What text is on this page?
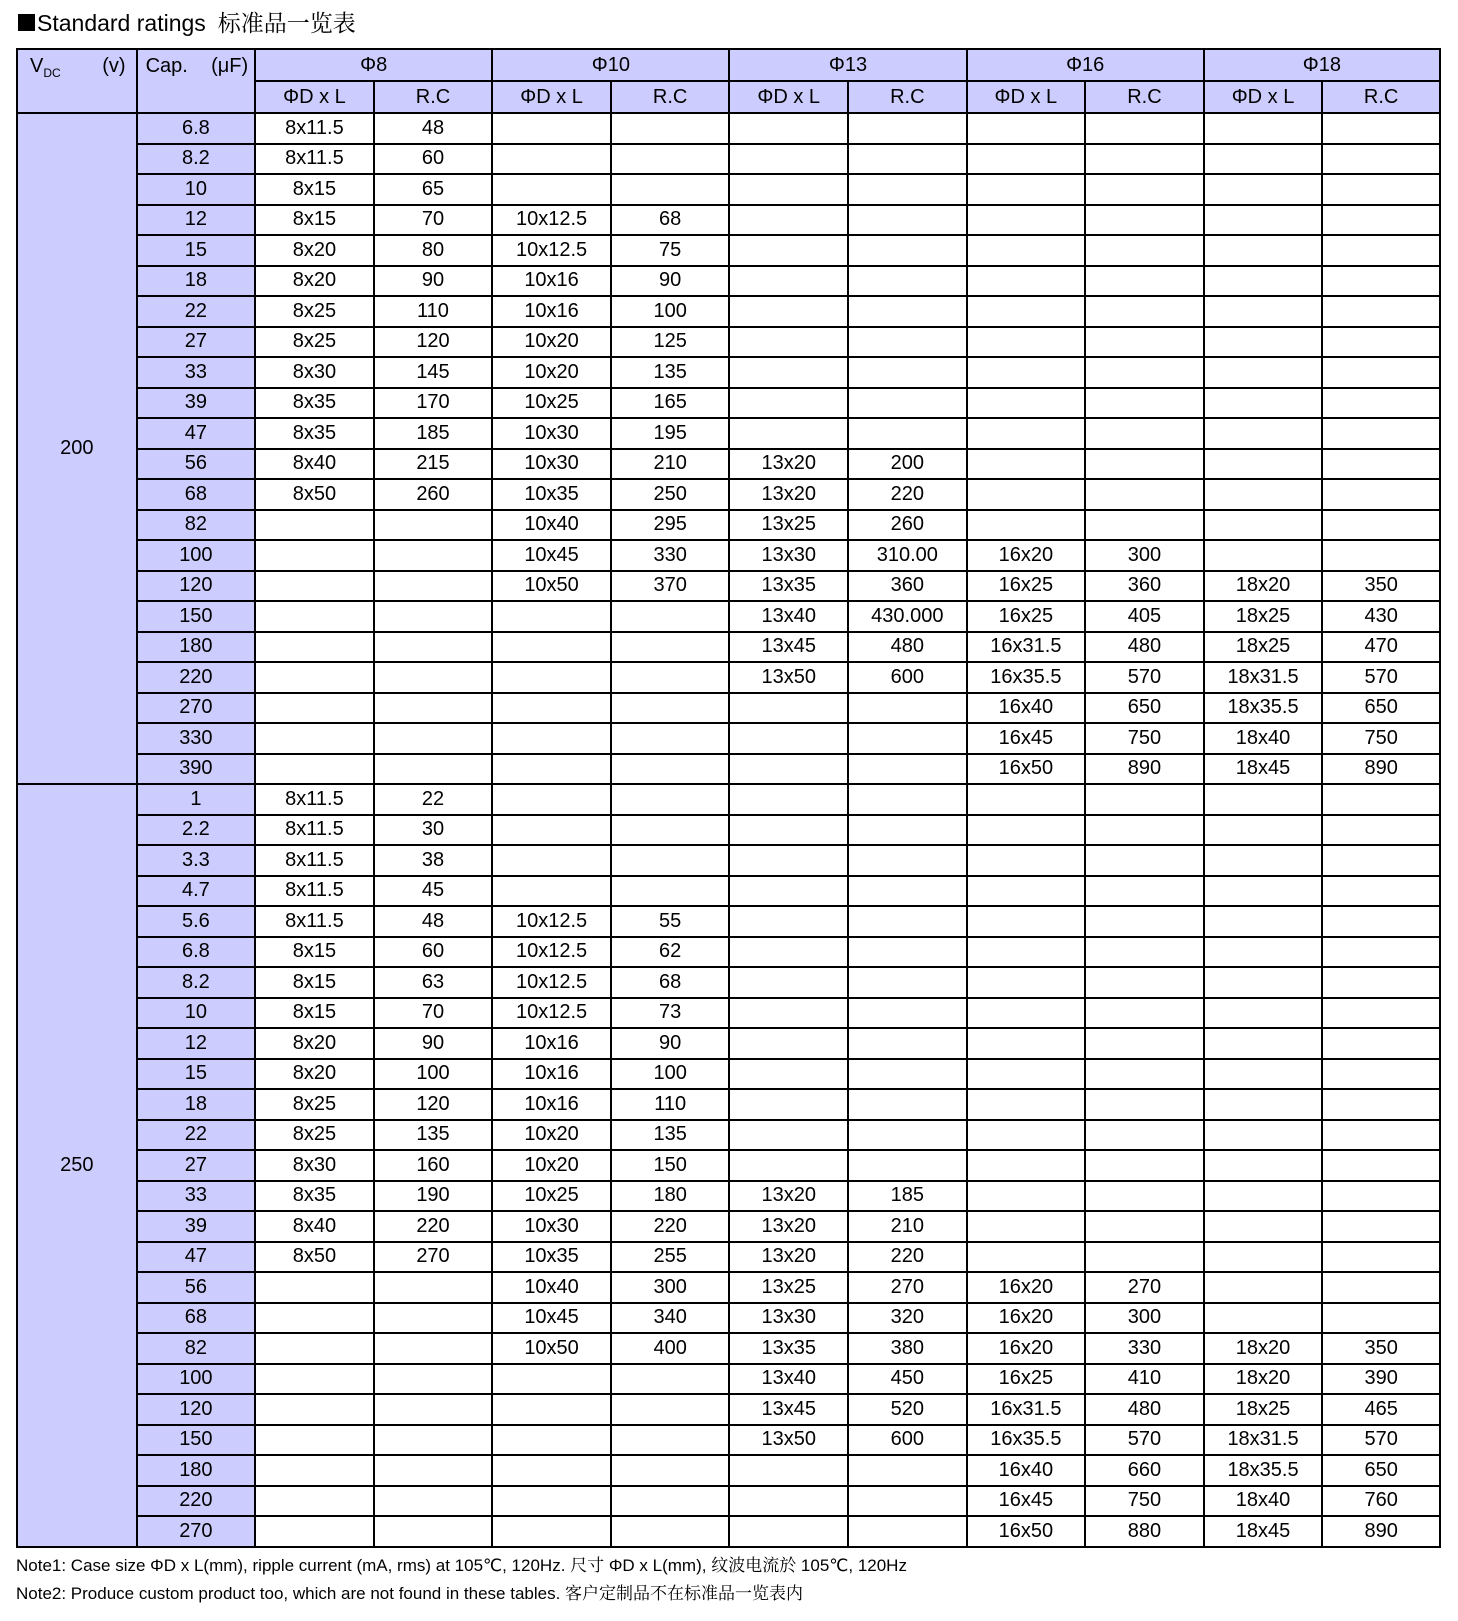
Standard ratings 标准品一览表
$V_{DC}$ (v)	Cap. (μF)	Φ8		Φ10		Φ13		Φ16		Φ18	
		ΦD x L	R.C	ΦD x L	R.C	ΦD x L	R.C	ΦD x L	R.C	ΦD x L	R.C
200	6.8	8x11.5	48								
	8.2	8x11.5	60								
	10	8x15	65								
	12	8x15	70	10x12.5	68						
	15	8x20	80	10x12.5	75						
	18	8x20	90	10x16	90						
	22	8x25	110	10x16	100						
	27	8x25	120	10x20	125						
	33	8x30	145	10x20	135						
	39	8x35	170	10x25	165						
	47	8x35	185	10x30	195						
	56	8x40	215	10x30	210	13x20	200				
	68	8x50	260	10x35	250	13x20	220				
	82			10x40	295	13x25	260				
	100			10x45	330	13x30	310.00	16x20	300		
	120			10x50	370	13x35	360	16x25	360	18x20	350
	150					13x40	430.000	16x25	405	18x25	430
	180					13x45	480	16x31.5	480	18x25	470
	220					13x50	600	16x35.5	570	18x31.5	570
	270							16x40	650	18x35.5	650
	330							16x45	750	18x40	750
	390							16x50	890	18x45	890
250	1	8x11.5	22								
	2.2	8x11.5	30								
	3.3	8x11.5	38								
	4.7	8x11.5	45								
	5.6	8x11.5	48	10x12.5	55						
	6.8	8x15	60	10x12.5	62						
	8.2	8x15	63	10x12.5	68						
	10	8x15	70	10x12.5	73						
	12	8x20	90	10x16	90						
	15	8x20	100	10x16	100						
	18	8x25	120	10x16	110						
	22	8x25	135	10x20	135						
	27	8x30	160	10x20	150						
	33	8x35	190	10x25	180	13x20	185				
	39	8x40	220	10x30	220	13x20	210				
	47	8x50	270	10x35	255	13x20	220				
	56			10x40	300	13x25	270	16x20	270		
	68			10x45	340	13x30	320	16x20	300		
	82			10x50	400	13x35	380	16x20	330	18x20	350
	100					13x40	450	16x25	410	18x20	390
	120					13x45	520	16x31.5	480	18x25	465
	150					13x50	600	16x35.5	570	18x31.5	570
	180							16x40	660	18x35.5	650
	220							16x45	750	18x40	760
	270							16x50	880	18x45	890
Note1: Case size ΦD x L(mm), ripple current (mA, rms) at 105℃, 120Hz. 尺寸 ΦD x L(mm), 纹波电流於 105℃, 120Hz
Note2: Produce custom product too, which are not found in these tables. 客户定制品不在标准品一览表内
